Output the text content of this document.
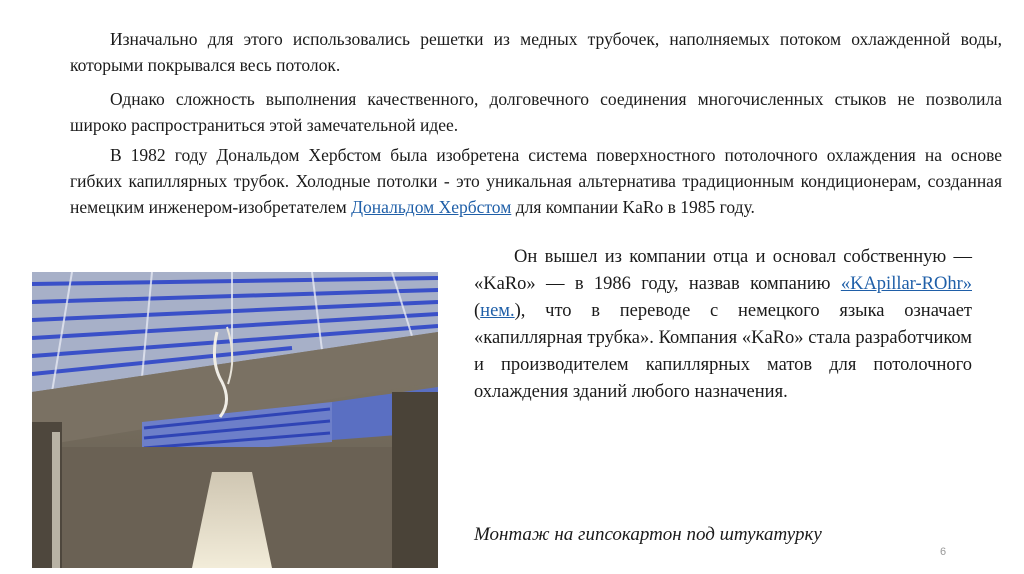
Изначально для этого использовались решетки из медных трубочек, наполняемых потоком охлажденной воды, которыми покрывался весь потолок.

Однако сложность выполнения качественного, долговечного соединения многочисленных стыков не позволила широко распространиться этой замечательной идее.

В 1982 году Дональдом Хербстом была изобретена система поверхностного потолочного охлаждения на основе гибких капиллярных трубок. Холодные потолки - это уникальная альтернатива традиционным кондиционерам, созданная немецким инженером-изобретателем Дональдом Хербстом для компании KaRo в 1985 году.

Он вышел из компании отца и основал собственную — «KaRo» — в 1986 году, назвав компанию «KApillar-ROhr» (нем.), что в переводе с немецкого языка означает «капиллярная трубка». Компания «KaRo» стала разработчиком и производителем капиллярных матов для потолочного охлаждения зданий любого назначения.

Монтаж на гипсокартон под штукатурку
6
